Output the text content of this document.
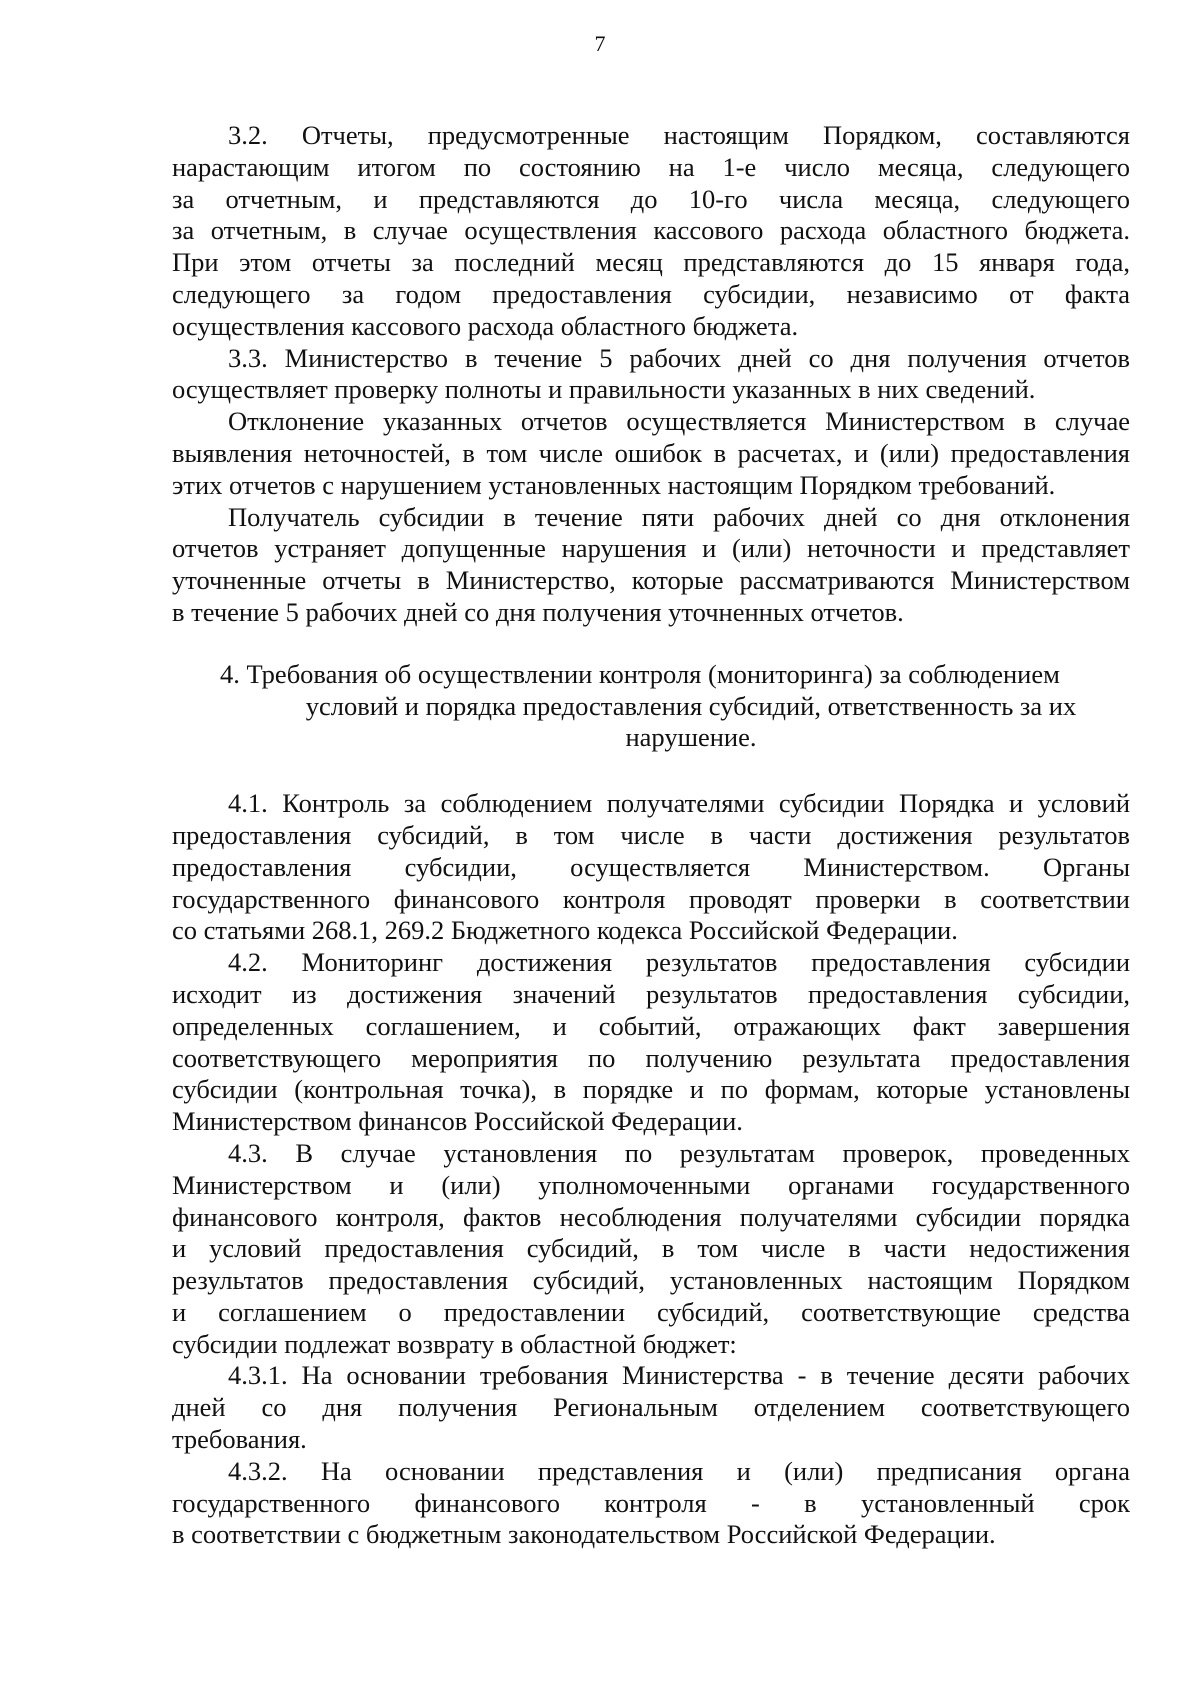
7
3.2. Отчеты, предусмотренные настоящим Порядком, составляются
нарастающим итогом по состоянию на 1-е число месяца, следующего
за отчетным, и представляются до 10-го числа месяца, следующего
за отчетным, в случае осуществления кассового расхода областного бюджета.
При этом отчеты за последний месяц представляются до 15 января года,
следующего за годом предоставления субсидии, независимо от факта
осуществления кассового расхода областного бюджета.
3.3. Министерство в течение 5 рабочих дней со дня получения отчетов
осуществляет проверку полноты и правильности указанных в них сведений.
Отклонение указанных отчетов осуществляется Министерством в случае
выявления неточностей, в том числе ошибок в расчетах, и (или) предоставления
этих отчетов с нарушением установленных настоящим Порядком требований.
Получатель субсидии в течение пяти рабочих дней со дня отклонения
отчетов устраняет допущенные нарушения и (или) неточности и представляет
уточненные отчеты в Министерство, которые рассматриваются Министерством
в течение 5 рабочих дней со дня получения уточненных отчетов.
4. Требования об осуществлении контроля (мониторинга) за соблюдением
условий и порядка предоставления субсидий, ответственность за их
нарушение.
4.1. Контроль за соблюдением получателями субсидии Порядка и условий
предоставления субсидий, в том числе в части достижения результатов
предоставления субсидии, осуществляется Министерством. Органы
государственного финансового контроля проводят проверки в соответствии
со статьями 268.1, 269.2 Бюджетного кодекса Российской Федерации.
4.2. Мониторинг достижения результатов предоставления субсидии
исходит из достижения значений результатов предоставления субсидии,
определенных соглашением, и событий, отражающих факт завершения
соответствующего мероприятия по получению результата предоставления
субсидии (контрольная точка), в порядке и по формам, которые установлены
Министерством финансов Российской Федерации.
4.3. В случае установления по результатам проверок, проведенных
Министерством и (или) уполномоченными органами государственного
финансового контроля, фактов несоблюдения получателями субсидии порядка
и условий предоставления субсидий, в том числе в части недостижения
результатов предоставления субсидий, установленных настоящим Порядком
и соглашением о предоставлении субсидий, соответствующие средства
субсидии подлежат возврату в областной бюджет:
4.3.1. На основании требования Министерства - в течение десяти рабочих
дней со дня получения Региональным отделением соответствующего
требования.
4.3.2. На основании представления и (или) предписания органа
государственного финансового контроля - в установленный срок
в соответствии с бюджетным законодательством Российской Федерации.
